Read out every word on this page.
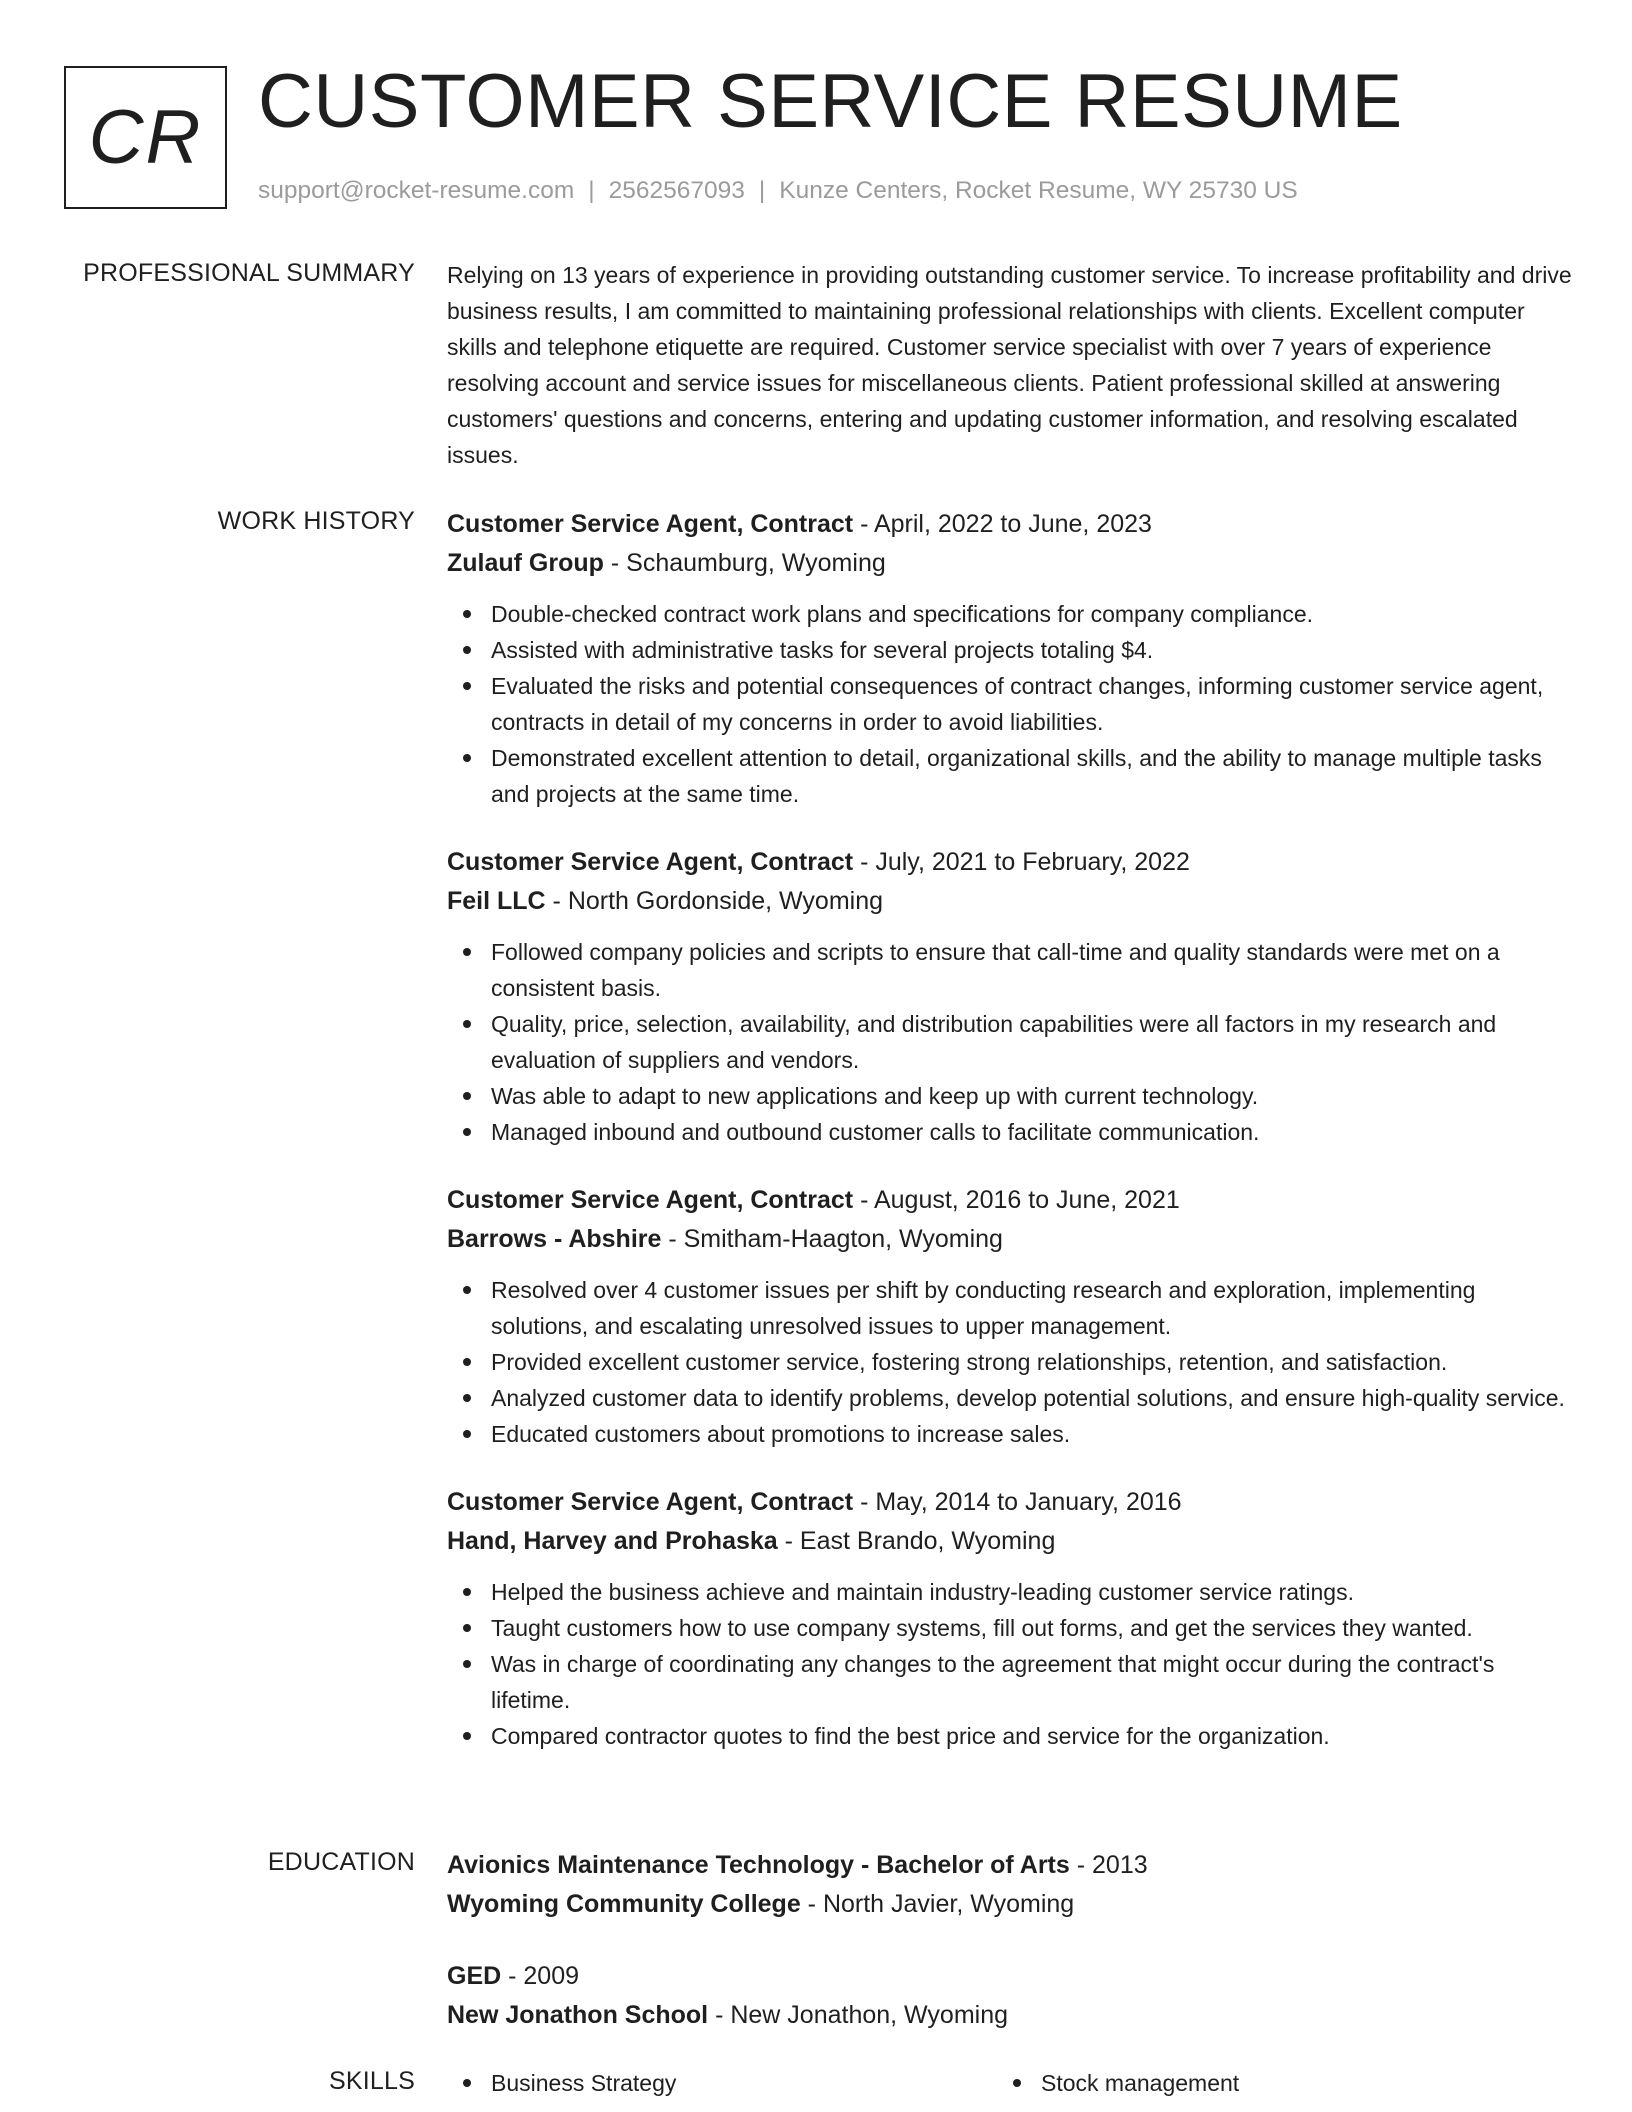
CR CUSTOMER SERVICE RESUME
support@rocket-resume.com | 2562567093 | Kunze Centers, Rocket Resume, WY 25730 US
PROFESSIONAL SUMMARY Relying on 13 years of experience in providing outstanding customer service. To increase profitability and drive business results, I am committed to maintaining professional relationships with clients. Excellent computer skills and telephone etiquette are required. Customer service specialist with over 7 years of experience resolving account and service issues for miscellaneous clients. Patient professional skilled at answering customers' questions and concerns, entering and updating customer information, and resolving escalated issues.

WORK HISTORY Customer Service Agent, Contract - April, 2022 to June, 2023
Zulauf Group - Schaumburg, Wyoming
Double-checked contract work plans and specifications for company compliance.
Assisted with administrative tasks for several projects totaling $4.
Evaluated the risks and potential consequences of contract changes, informing customer service agent, contracts in detail of my concerns in order to avoid liabilities.
Demonstrated excellent attention to detail, organizational skills, and the ability to manage multiple tasks and projects at the same time.
Customer Service Agent, Contract - July, 2021 to February, 2022
Feil LLC - North Gordonside, Wyoming
Followed company policies and scripts to ensure that call-time and quality standards were met on a consistent basis.
Quality, price, selection, availability, and distribution capabilities were all factors in my research and evaluation of suppliers and vendors.
Was able to adapt to new applications and keep up with current technology.
Managed inbound and outbound customer calls to facilitate communication.
Customer Service Agent, Contract - August, 2016 to June, 2021
Barrows - Abshire - Smitham-Haagton, Wyoming
Resolved over 4 customer issues per shift by conducting research and exploration, implementing solutions, and escalating unresolved issues to upper management.
Provided excellent customer service, fostering strong relationships, retention, and satisfaction.
Analyzed customer data to identify problems, develop potential solutions, and ensure high-quality service.
Educated customers about promotions to increase sales.
Customer Service Agent, Contract - May, 2014 to January, 2016
Hand, Harvey and Prohaska - East Brando, Wyoming
Helped the business achieve and maintain industry-leading customer service ratings.
Taught customers how to use company systems, fill out forms, and get the services they wanted.
Was in charge of coordinating any changes to the agreement that might occur during the contract's lifetime.
Compared contractor quotes to find the best price and service for the organization.
EDUCATION Avionics Maintenance Technology - Bachelor of Arts - 2013
Wyoming Community College - North Javier, Wyoming
GED - 2009
New Jonathon School - New Jonathon, Wyoming
SKILLS	Business Strategy	Stock management
